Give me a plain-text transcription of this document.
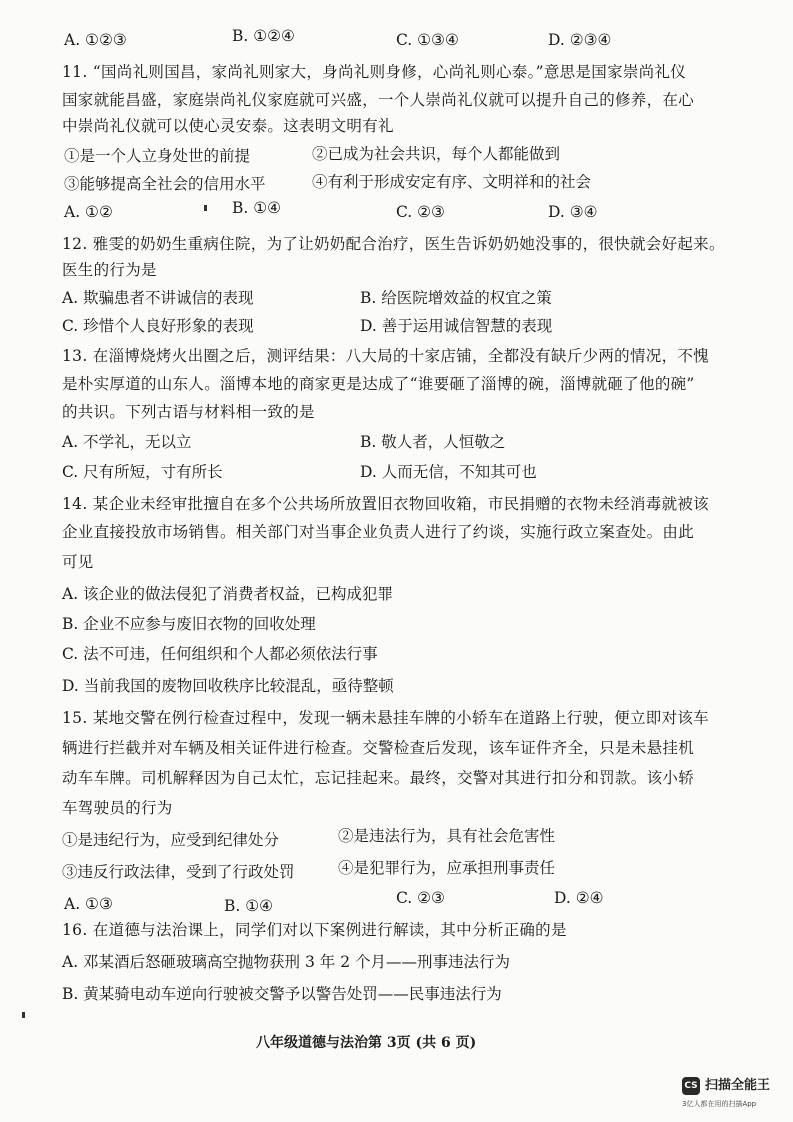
A. ①②③	B. ①②④	C. ①③④	D. ②③④
11. “国尚礼则国昌，家尚礼则家大，身尚礼则身修，心尚礼则心泰。”意思是国家崇尚礼仪
国家就能昌盛，家庭崇尚礼仪家庭就可兴盛，一个人崇尚礼仪就可以提升自己的修养，在心
中崇尚礼仪就可以使心灵安泰。这表明文明有礼
①是一个人立身处世的前提	②已成为社会共识，每个人都能做到
③能够提高全社会的信用水平	④有利于形成安定有序、文明祥和的社会
A. ①②	B. ①④	C. ②③	D. ③④
12. 雅雯的奶奶生重病住院，为了让奶奶配合治疗，医生告诉奶奶她没事的，很快就会好起来。
医生的行为是
A. 欺骗患者不讲诚信的表现	B. 给医院增效益的权宜之策
C. 珍惜个人良好形象的表现	D. 善于运用诚信智慧的表现
13. 在淄博烧烤火出圈之后，测评结果：八大局的十家店铺，全都没有缺斤少两的情况，不愧
是朴实厚道的山东人。淄博本地的商家更是达成了“谁要砸了淄博的碗，淄博就砸了他的碗”
的共识。下列古语与材料相一致的是
A. 不学礼，无以立	B. 敬人者，人恒敬之
C. 尺有所短，寸有所长	D. 人而无信，不知其可也
14. 某企业未经审批擅自在多个公共场所放置旧衣物回收箱，市民捐赠的衣物未经消毒就被该
企业直接投放市场销售。相关部门对当事企业负责人进行了约谈，实施行政立案查处。由此
可见
A. 该企业的做法侵犯了消费者权益，已构成犯罪
B. 企业不应参与废旧衣物的回收处理
C. 法不可违，任何组织和个人都必须依法行事
D. 当前我国的废物回收秩序比较混乱，亟待整顿
15. 某地交警在例行检查过程中，发现一辆未悬挂车牌的小轿车在道路上行驶，便立即对该车
辆进行拦截并对车辆及相关证件进行检查。交警检查后发现，该车证件齐全，只是未悬挂机
动车车牌。司机解释因为自己太忙，忘记挂起来。最终，交警对其进行扣分和罚款。该小轿
车驾驶员的行为
①是违纪行为，应受到纪律处分	②是违法行为，具有社会危害性
③违反行政法律，受到了行政处罚	④是犯罪行为，应承担刑事责任
A. ①③	B. ①④	C. ②③	D. ②④
16. 在道德与法治课上，同学们对以下案例进行解读，其中分析正确的是
A. 邓某酒后怒砸玻璃高空抛物获刑 3 年 2 个月——刑事违法行为
B. 黄某骑电动车逆向行驶被交警予以警告处罚——民事违法行为
八年级道德与法治第 3页 (共 6 页)
CS 扫描全能王
3亿人都在用的扫描App
